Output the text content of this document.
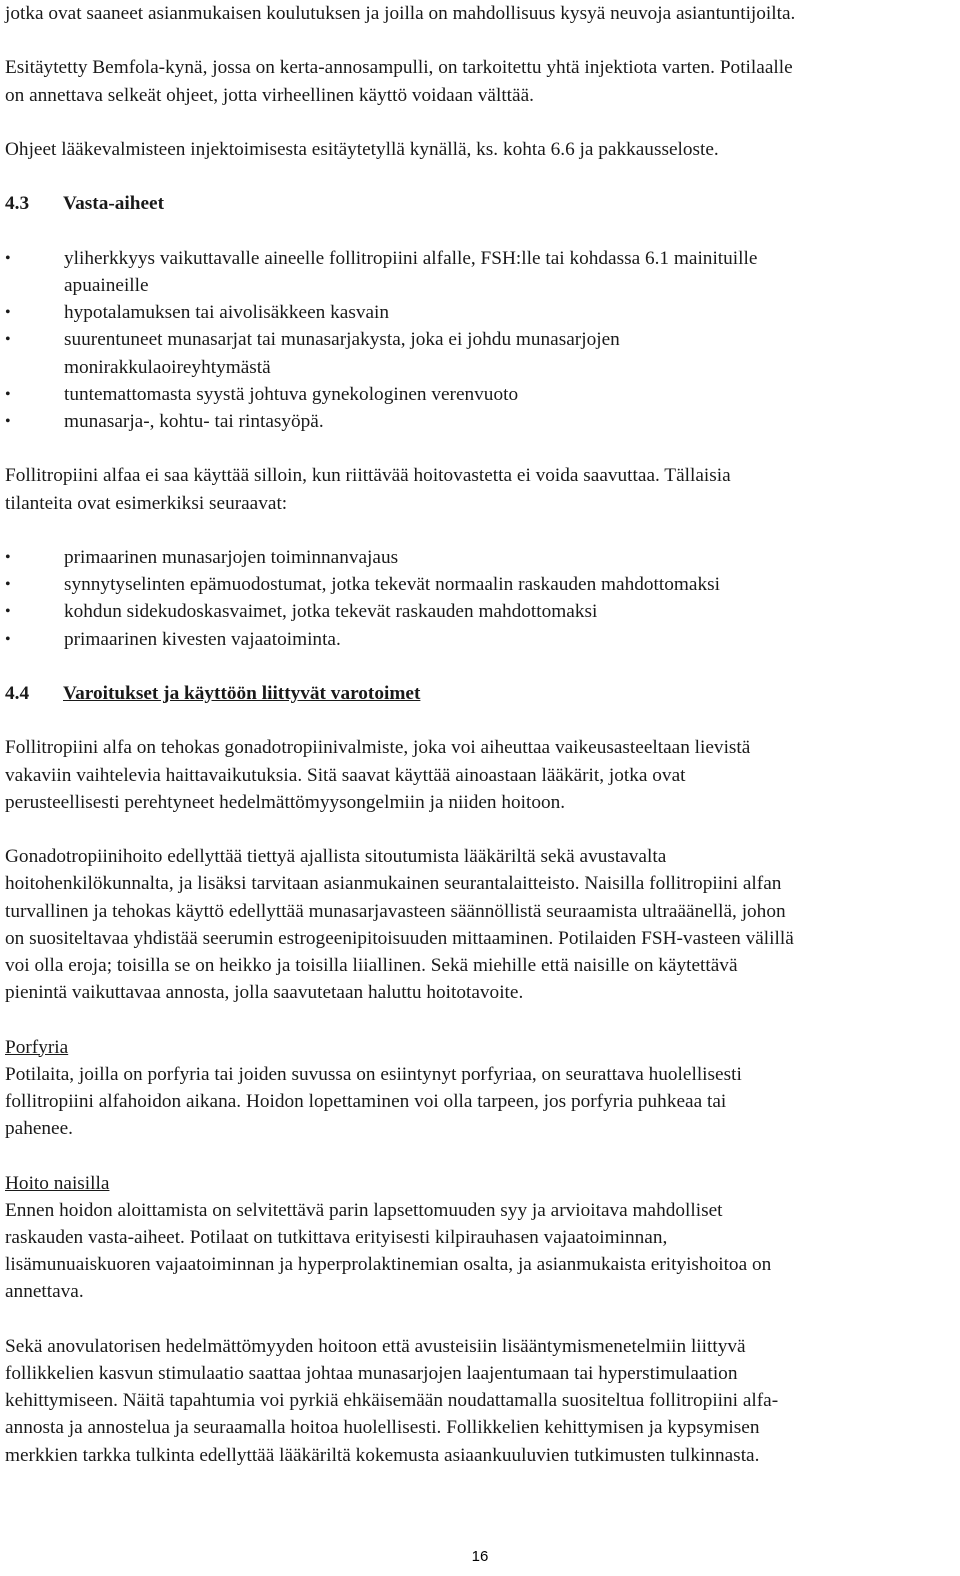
jotka ovat saaneet asianmukaisen koulutuksen ja joilla on mahdollisuus kysyä neuvoja asiantuntijoilta.

Esitäytetty Bemfola-kynä, jossa on kerta-annosampulli, on tarkoitettu yhtä injektiota varten. Potilaalle

on annettava selkeät ohjeet, jotta virheellinen käyttö voidaan välttää.

Ohjeet lääkevalmisteen injektoimisesta esitäytetyllä kynällä, ks. kohta 6.6 ja pakkausseloste.

4.3	Vasta-aiheet
• yliherkkyys vaikuttavalle aineelle follitropiini alfalle, FSH:lle tai kohdassa 6.1 mainituille
apuaineille
• hypotalamuksen tai aivolisäkkeen kasvain
• suurentuneet munasarjat tai munasarjakysta, joka ei johdu munasarjojen
monirakkulaoireyhtymästä
• tuntemattomasta syystä johtuva gynekologinen verenvuoto
• munasarja-, kohtu- tai rintasyöpä.

Follitropiini alfaa ei saa käyttää silloin, kun riittävää hoitovastetta ei voida saavuttaa. Tällaisia

tilanteita ovat esimerkiksi seuraavat:

• primaarinen munasarjojen toiminnanvajaus
• synnytyselinten epämuodostumat, jotka tekevät normaalin raskauden mahdottomaksi
• kohdun sidekudoskasvaimet, jotka tekevät raskauden mahdottomaksi
• primaarinen kivesten vajaatoiminta.
4.4	Varoitukset ja käyttöön liittyvät varotoimet

Follitropiini alfa on tehokas gonadotropiinivalmiste, joka voi aiheuttaa vaikeusasteeltaan lievistä

vakaviin vaihtelevia haittavaikutuksia. Sitä saavat käyttää ainoastaan lääkärit, jotka ovat

perusteellisesti perehtyneet hedelmättömyysongelmiin ja niiden hoitoon.

Gonadotropiinihoito edellyttää tiettyä ajallista sitoutumista lääkäriltä sekä avustavalta

hoitohenkilökunnalta, ja lisäksi tarvitaan asianmukainen seurantalaitteisto. Naisilla follitropiini alfan

turvallinen ja tehokas käyttö edellyttää munasarjavasteen säännöllistä seuraamista ultraäänellä, johon

on suositeltavaa yhdistää seerumin estrogeenipitoisuuden mittaaminen. Potilaiden FSH-vasteen välillä

voi olla eroja; toisilla se on heikko ja toisilla liiallinen. Sekä miehille että naisille on käytettävä

pienintä vaikuttavaa annosta, jolla saavutetaan haluttu hoitotavoite.

Porfyria

Potilaita, joilla on porfyria tai joiden suvussa on esiintynyt porfyriaa, on seurattava huolellisesti

follitropiini alfahoidon aikana. Hoidon lopettaminen voi olla tarpeen, jos porfyria puhkeaa tai

pahenee.

Hoito naisilla

Ennen hoidon aloittamista on selvitettävä parin lapsettomuuden syy ja arvioitava mahdolliset

raskauden vasta-aiheet. Potilaat on tutkittava erityisesti kilpirauhasen vajaatoiminnan,

lisämunuaiskuoren vajaatoiminnan ja hyperprolaktinemian osalta, ja asianmukaista erityishoitoa on

annettava.

Sekä anovulatorisen hedelmättömyyden hoitoon että avusteisiin lisääntymismenetelmiin liittyvä

follikkelien kasvun stimulaatio saattaa johtaa munasarjojen laajentumaan tai hyperstimulaation

kehittymiseen. Näitä tapahtumia voi pyrkiä ehkäisemään noudattamalla suositeltua follitropiini alfa-

annosta ja annostelua ja seuraamalla hoitoa huolellisesti. Follikkelien kehittymisen ja kypsymisen

merkkien tarkka tulkinta edellyttää lääkäriltä kokemusta asiaankuuluvien tutkimusten tulkinnasta.

16
